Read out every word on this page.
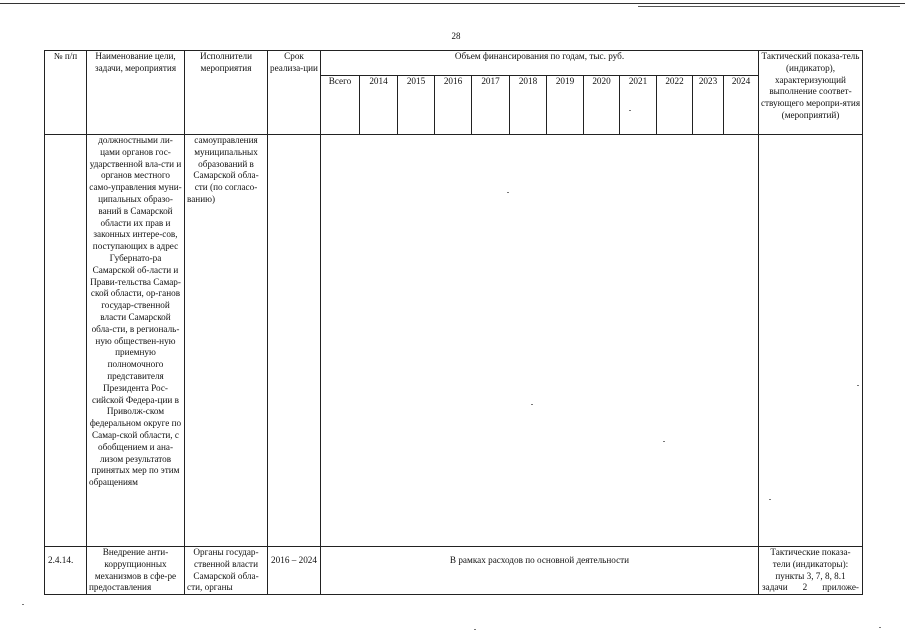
28
№ п/п	Наименование цели, задачи, мероприятия	Исполнители мероприятия	Срок реализа-ции	Объем финансирования по годам, тыс. руб.												Тактический показа-тель (индикатор), характеризующий выполнение соответ-ствующего меропри-ятия (мероприятий)
				Всего	2014	2015	2016	2017	2018	2019	2020	2021	2022	2023	2024	
	должностными ли-цами органов гос-ударственной вла-сти и органов местного само-управления муни-ципальных образо-ваний в Самарской области их прав и законных интере-сов, поступающих в адрес Губернато-ра Самарской об-ласти и Прави-тельства Самар-ской области, ор-ганов государ-ственной власти Самарской обла-сти, в региональ-ную обществен-ную приемную полномочного представителя Президента Рос-сийской Федера-ции в Приволж-ском федеральном округе по Самар-ской области, с обобщением и ана-лизом результатов принятых мер по этим обращениям	самоуправления муниципальных образований в Самарской обла-сти (по согласо-ванию)														
2.4.14.	Внедрение анти-коррупционных механизмов в сфе-ре предоставления	Органы государ-ственной власти Самарской обла-сти, органы	2016 – 2024	В рамках расходов по основной деятельности												Тактические показа-тели (индикаторы): пункты 3, 7, 8, 8.1 задачи 2 приложе-
